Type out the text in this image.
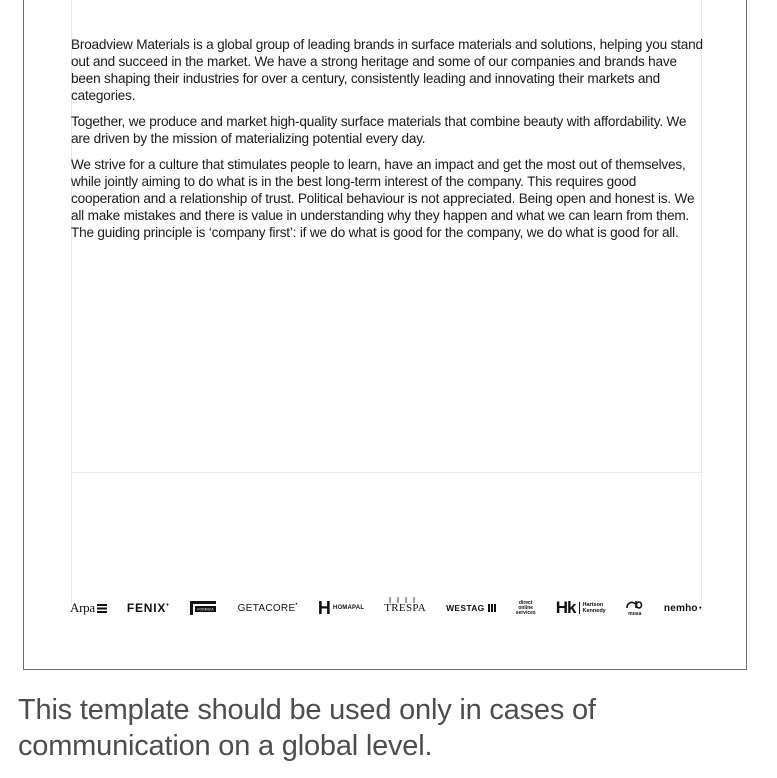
Broadview Materials is a global group of leading brands in surface materials and solutions, helping you stand out and succeed in the market. We have a strong heritage and some of our companies and brands have been shaping their industries for over a century, consistently leading and innovating their markets and categories.

Together, we produce and market high-quality surface materials that combine beauty with affordability. We are driven by the mission of materializing potential every day.

We strive for a culture that stimulates people to learn, have an impact and get the most out of themselves, while jointly aiming to do what is in the best long-term interest of the company. This requires good cooperation and a relationship of trust. Political behaviour is not appreciated. Being open and honest is. We all make mistakes and there is value in understanding why they happen and what we can learn from them. The guiding principle is ‘company first’: if we do what is good for the company, we do what is good for all.

Arpa	FENIX •
FORMICA GETACORE • H HOMAPAL TRESPA WESTAG
direct
online
services Hk Hartson
Kennedy	musa nemho ●
This template should be used only in cases of
communication on a global level.
